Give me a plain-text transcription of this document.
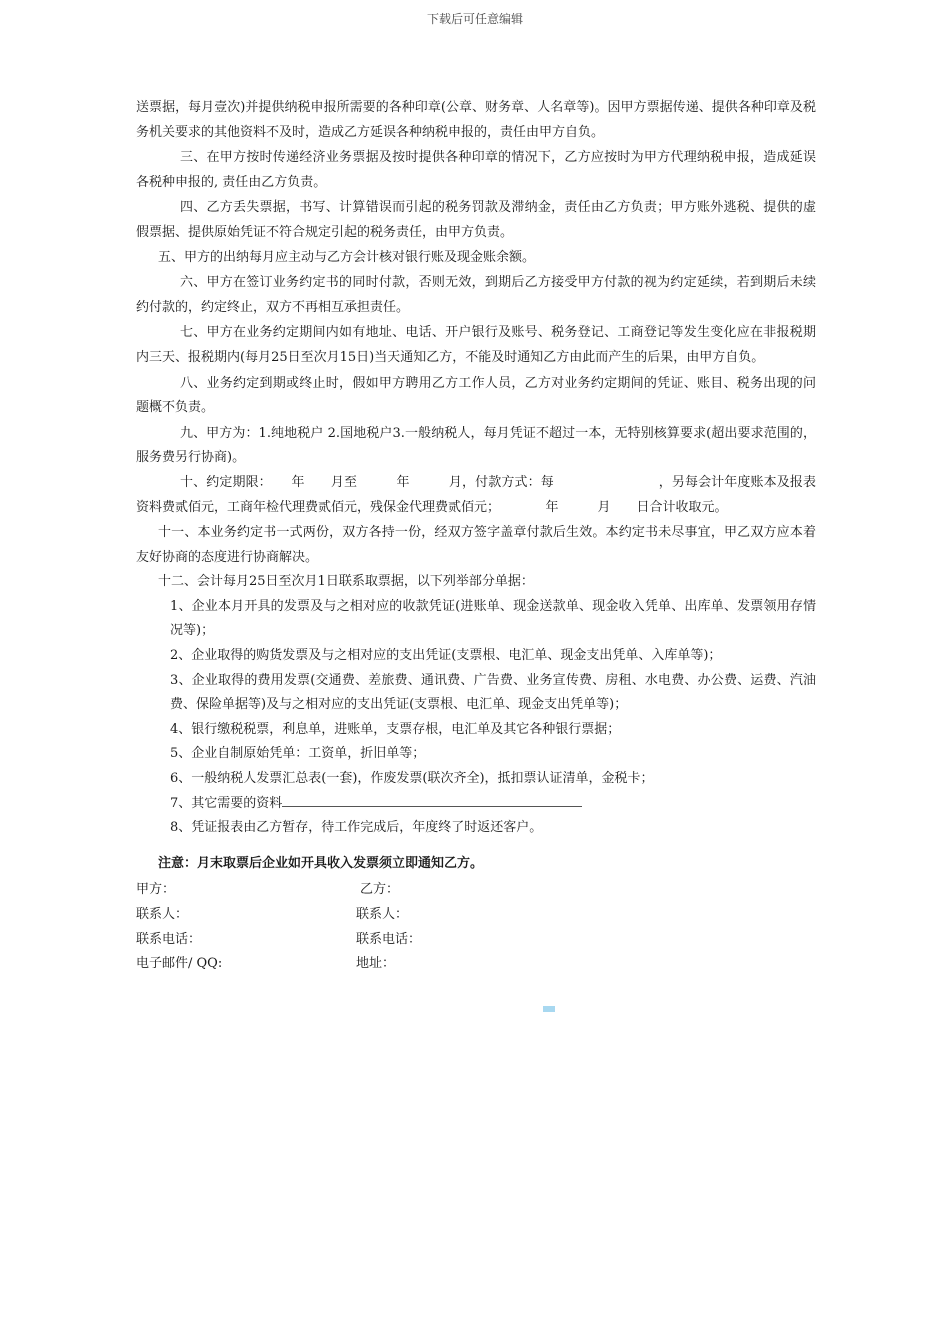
下载后可任意编辑

送票据，每月壹次)并提供纳税申报所需要的各种印章(公章、财务章、人名章等)。因甲方票据传递、提供各种印章及税务机关要求的其他资料不及时，造成乙方延误各种纳税申报的，责任由甲方自负。

三、在甲方按时传递经济业务票据及按时提供各种印章的情况下，乙方应按时为甲方代理纳税申报，造成延误各税种申报的, 责任由乙方负责。

四、乙方丢失票据，书写、计算错误而引起的税务罚款及滞纳金，责任由乙方负责；甲方账外逃税、提供的虚假票据、提供原始凭证不符合规定引起的税务责任，由甲方负责。

五、甲方的出纳每月应主动与乙方会计核对银行账及现金账余额。

六、甲方在签订业务约定书的同时付款，否则无效，到期后乙方接受甲方付款的视为约定延续，若到期后未续约付款的，约定终止，双方不再相互承担责任。

七、甲方在业务约定期间内如有地址、电话、开户银行及账号、税务登记、工商登记等发生变化应在非报税期内三天、报税期内(每月25日至次月15日)当天通知乙方，不能及时通知乙方由此而产生的后果，由甲方自负。

八、业务约定到期或终止时，假如甲方聘用乙方工作人员，乙方对业务约定期间的凭证、账目、税务出现的问题概不负责。

九、甲方为：1.纯地税户 2.国地税户3.一般纳税人，每月凭证不超过一本，无特别核算要求(超出要求范围的，服务费另行协商)。

十、约定期限：　　年　　月至　　　年　　　月，付款方式：每　　　　　　　　，另每会计年度账本及报表资料费贰佰元，工商年检代理费贰佰元，残保金代理费贰佰元；　　　　年　　　月　　日合计收取元。

十一、本业务约定书一式两份，双方各持一份，经双方签字盖章付款后生效。本约定书未尽事宜，甲乙双方应本着友好协商的态度进行协商解决。

十二、会计每月25日至次月1日联系取票据，以下列举部分单据：

1、企业本月开具的发票及与之相对应的收款凭证(进账单、现金送款单、现金收入凭单、出库单、发票领用存情况等)；

2、企业取得的购货发票及与之相对应的支出凭证(支票根、电汇单、现金支出凭单、入库单等)；

3、企业取得的费用发票(交通费、差旅费、通讯费、广告费、业务宣传费、房租、水电费、办公费、运费、汽油费、保险单据等)及与之相对应的支出凭证(支票根、电汇单、现金支出凭单等)；

4、银行缴税税票，利息单，进账单，支票存根，电汇单及其它各种银行票据；

5、企业自制原始凭单：工资单，折旧单等；

6、一般纳税人发票汇总表(一套)，作废发票(联次齐全)，抵扣票认证清单，金税卡；

7、其它需要的资料

8、凭证报表由乙方暂存，待工作完成后，年度终了时返还客户。

注意：月末取票后企业如开具收入发票须立即通知乙方。

甲方：	乙方：
联系人：	联系人：
联系电话：	联系电话：
电子邮件/ QQ:	地址：
